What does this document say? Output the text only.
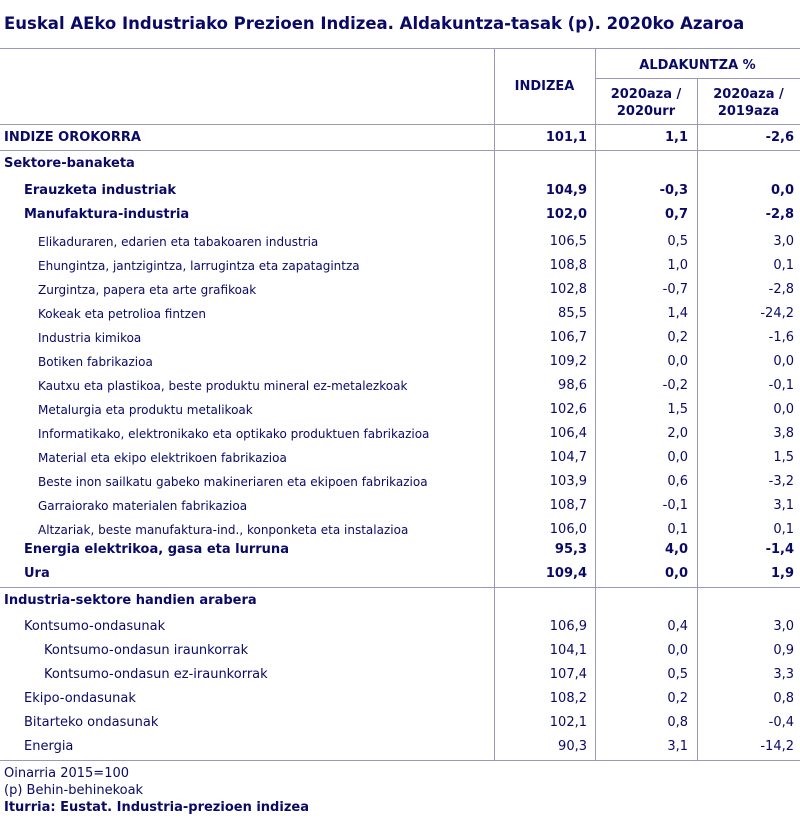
Euskal AEko Industriako Prezioen Indizea. Aldakuntza-tasak (p). 2020ko Azaroa
INDIZEA
ALDAKUNTZA %
2020aza /
2020urr
2020aza /
2019aza
INDIZE OROKORRA	101,1	1,1	-2,6
Sektore-banaketa
Erauzketa industriak	104,9	-0,3	0,0
Manufaktura-industria	102,0	0,7	-2,8
Elikaduraren, edarien eta tabakoaren industria	106,5	0,5	3,0
Ehungintza, jantzigintza, larrugintza eta zapatagintza	108,8	1,0	0,1
Zurgintza, papera eta arte grafikoak	102,8	-0,7	-2,8
Kokeak eta petrolioa fintzen	85,5	1,4	-24,2
Industria kimikoa	106,7	0,2	-1,6
Botiken fabrikazioa	109,2	0,0	0,0
Kautxu eta plastikoa, beste produktu mineral ez-metalezkoak	98,6	-0,2	-0,1
Metalurgia eta produktu metalikoak	102,6	1,5	0,0
Informatikako, elektronikako eta optikako produktuen fabrikazioa	106,4	2,0	3,8
Material eta ekipo elektrikoen fabrikazioa	104,7	0,0	1,5
Beste inon sailkatu gabeko makineriaren eta ekipoen fabrikazioa	103,9	0,6	-3,2
Garraiorako materialen fabrikazioa	108,7	-0,1	3,1
Altzariak, beste manufaktura-ind., konponketa eta instalazioa	106,0	0,1	0,1
Energia elektrikoa, gasa eta lurruna	95,3	4,0	-1,4
Ura	109,4	0,0	1,9
Industria-sektore handien arabera
Kontsumo-ondasunak	106,9	0,4	3,0
Kontsumo-ondasun iraunkorrak	104,1	0,0	0,9
Kontsumo-ondasun ez-iraunkorrak	107,4	0,5	3,3
Ekipo-ondasunak	108,2	0,2	0,8
Bitarteko ondasunak	102,1	0,8	-0,4
Energia	90,3	3,1	-14,2
Oinarria 2015=100
(p) Behin-behinekoak
Iturria: Eustat. Industria-prezioen indizea
